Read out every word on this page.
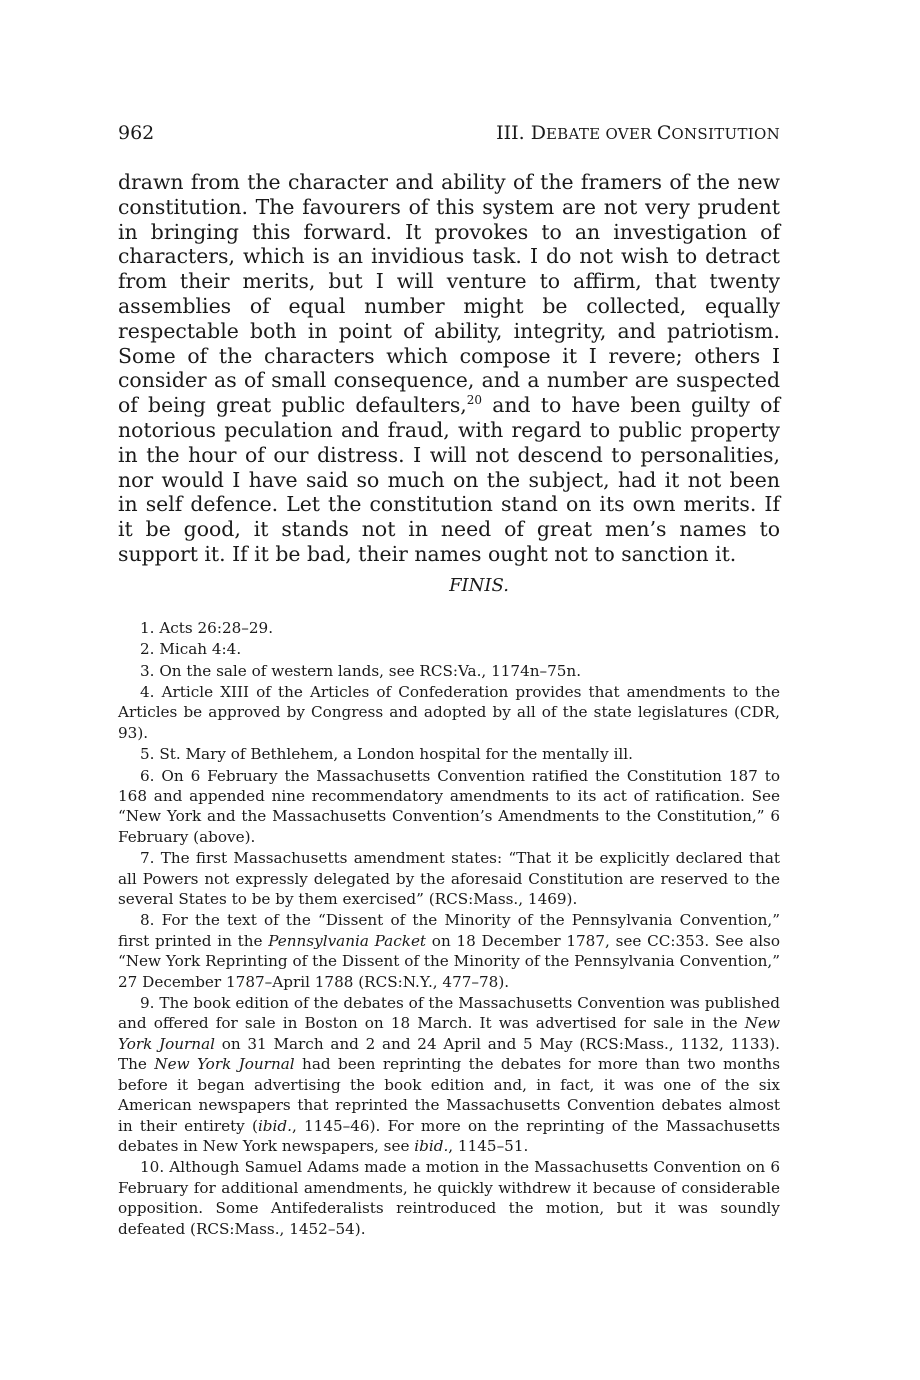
962	III. DEBATE OVER CONSITUTION

drawn from the character and ability of the framers of the new constitution. The favourers of this system are not very prudent in bringing this forward. It provokes to an investigation of characters, which is an invidious task. I do not wish to detract from their merits, but I will venture to affirm, that twenty assemblies of equal number might be collected, equally respectable both in point of ability, integrity, and patriotism. Some of the characters which compose it I revere; others I consider as of small consequence, and a number are suspected of being great public defaulters,$^{20}$ and to have been guilty of notorious peculation and fraud, with regard to public property in the hour of our distress. I will not descend to personalities, nor would I have said so much on the subject, had it not been in self defence. Let the constitution stand on its own merits. If it be good, it stands not in need of great men’s names to support it. If it be bad, their names ought not to sanction it.

FINIS.

1. Acts 26:28–29.

2. Micah 4:4.

3. On the sale of western lands, see RCS:Va., 1174n–75n.

4. Article XIII of the Articles of Confederation provides that amendments to the Articles be approved by Congress and adopted by all of the state legislatures (CDR, 93).

5. St. Mary of Bethlehem, a London hospital for the mentally ill.

6. On 6 February the Massachusetts Convention ratified the Constitution 187 to 168 and appended nine recommendatory amendments to its act of ratification. See “New York and the Massachusetts Convention’s Amendments to the Constitution,” 6 February (above).

7. The first Massachusetts amendment states: “That it be explicitly declared that all Powers not expressly delegated by the aforesaid Constitution are reserved to the several States to be by them exercised” (RCS:Mass., 1469).

8. For the text of the “Dissent of the Minority of the Pennsylvania Convention,” first printed in the Pennsylvania Packet on 18 December 1787, see CC:353. See also “New York Reprinting of the Dissent of the Minority of the Pennsylvania Convention,” 27 December 1787–April 1788 (RCS:N.Y., 477–78).

9. The book edition of the debates of the Massachusetts Convention was published and offered for sale in Boston on 18 March. It was advertised for sale in the New York Journal on 31 March and 2 and 24 April and 5 May (RCS:Mass., 1132, 1133). The New York Journal had been reprinting the debates for more than two months before it began advertising the book edition and, in fact, it was one of the six American newspapers that reprinted the Massachusetts Convention debates almost in their entirety (ibid., 1145–46). For more on the reprinting of the Massachusetts debates in New York newspapers, see ibid., 1145–51.

10. Although Samuel Adams made a motion in the Massachusetts Convention on 6 February for additional amendments, he quickly withdrew it because of considerable opposition. Some Antifederalists reintroduced the motion, but it was soundly defeated (RCS:Mass., 1452–54).
